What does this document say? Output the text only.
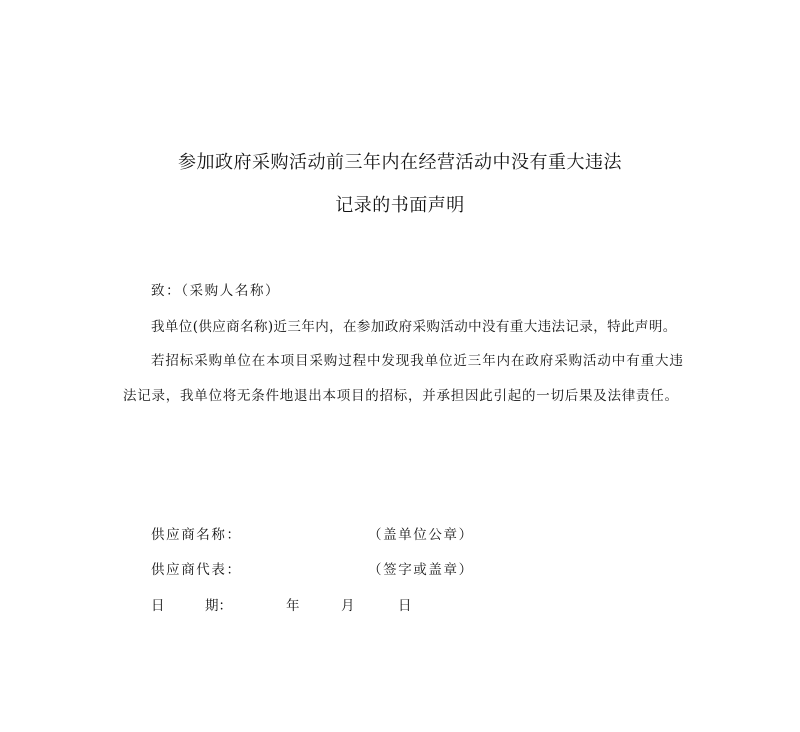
参加政府采购活动前三年内在经营活动中没有重大违法
记录的书面声明
致：（采购人名称）
我单位(供应商名称)近三年内，在参加政府采购活动中没有重大违法记录，特此声明。
若招标采购单位在本项目采购过程中发现我单位近三年内在政府采购活动中有重大违
法记录，我单位将无条件地退出本项目的招标，并承担因此引起的一切后果及法律责任。
供应商名称：	（盖单位公章）
供应商代表：	（签字或盖章）
日	期：	年	月	日
